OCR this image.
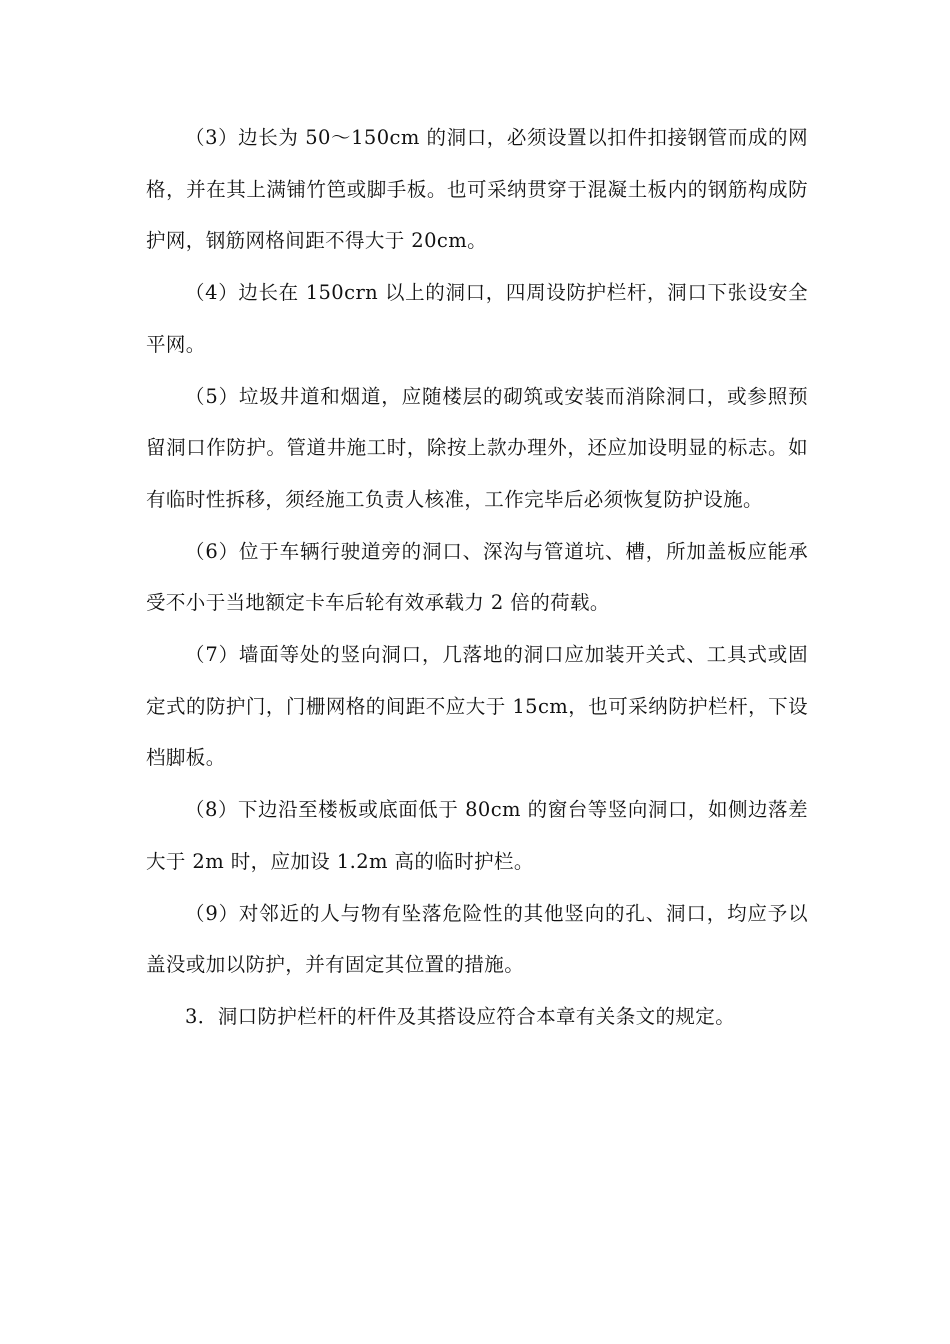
（3）边长为 50～150cm 的洞口，必须设置以扣件扣接钢管而成的网格，并在其上满铺竹笆或脚手板。也可采纳贯穿于混凝土板内的钢筋构成防护网，钢筋网格间距不得大于 20cm。

（4）边长在 150crn 以上的洞口，四周设防护栏杆，洞口下张设安全平网。

（5）垃圾井道和烟道，应随楼层的砌筑或安装而消除洞口，或参照预留洞口作防护。管道井施工时，除按上款办理外，还应加设明显的标志。如有临时性拆移，须经施工负责人核准，工作完毕后必须恢复防护设施。

（6）位于车辆行驶道旁的洞口、深沟与管道坑、槽，所加盖板应能承受不小于当地额定卡车后轮有效承载力 2 倍的荷载。

（7）墙面等处的竖向洞口，几落地的洞口应加装开关式、工具式或固定式的防护门，门栅网格的间距不应大于 15cm，也可采纳防护栏杆，下设档脚板。

（8）下边沿至楼板或底面低于 80cm 的窗台等竖向洞口，如侧边落差大于 2m 时，应加设 1.2m 高的临时护栏。

（9）对邻近的人与物有坠落危险性的其他竖向的孔、洞口，均应予以盖没或加以防护，并有固定其位置的措施。

3．洞口防护栏杆的杆件及其搭设应符合本章有关条文的规定。
